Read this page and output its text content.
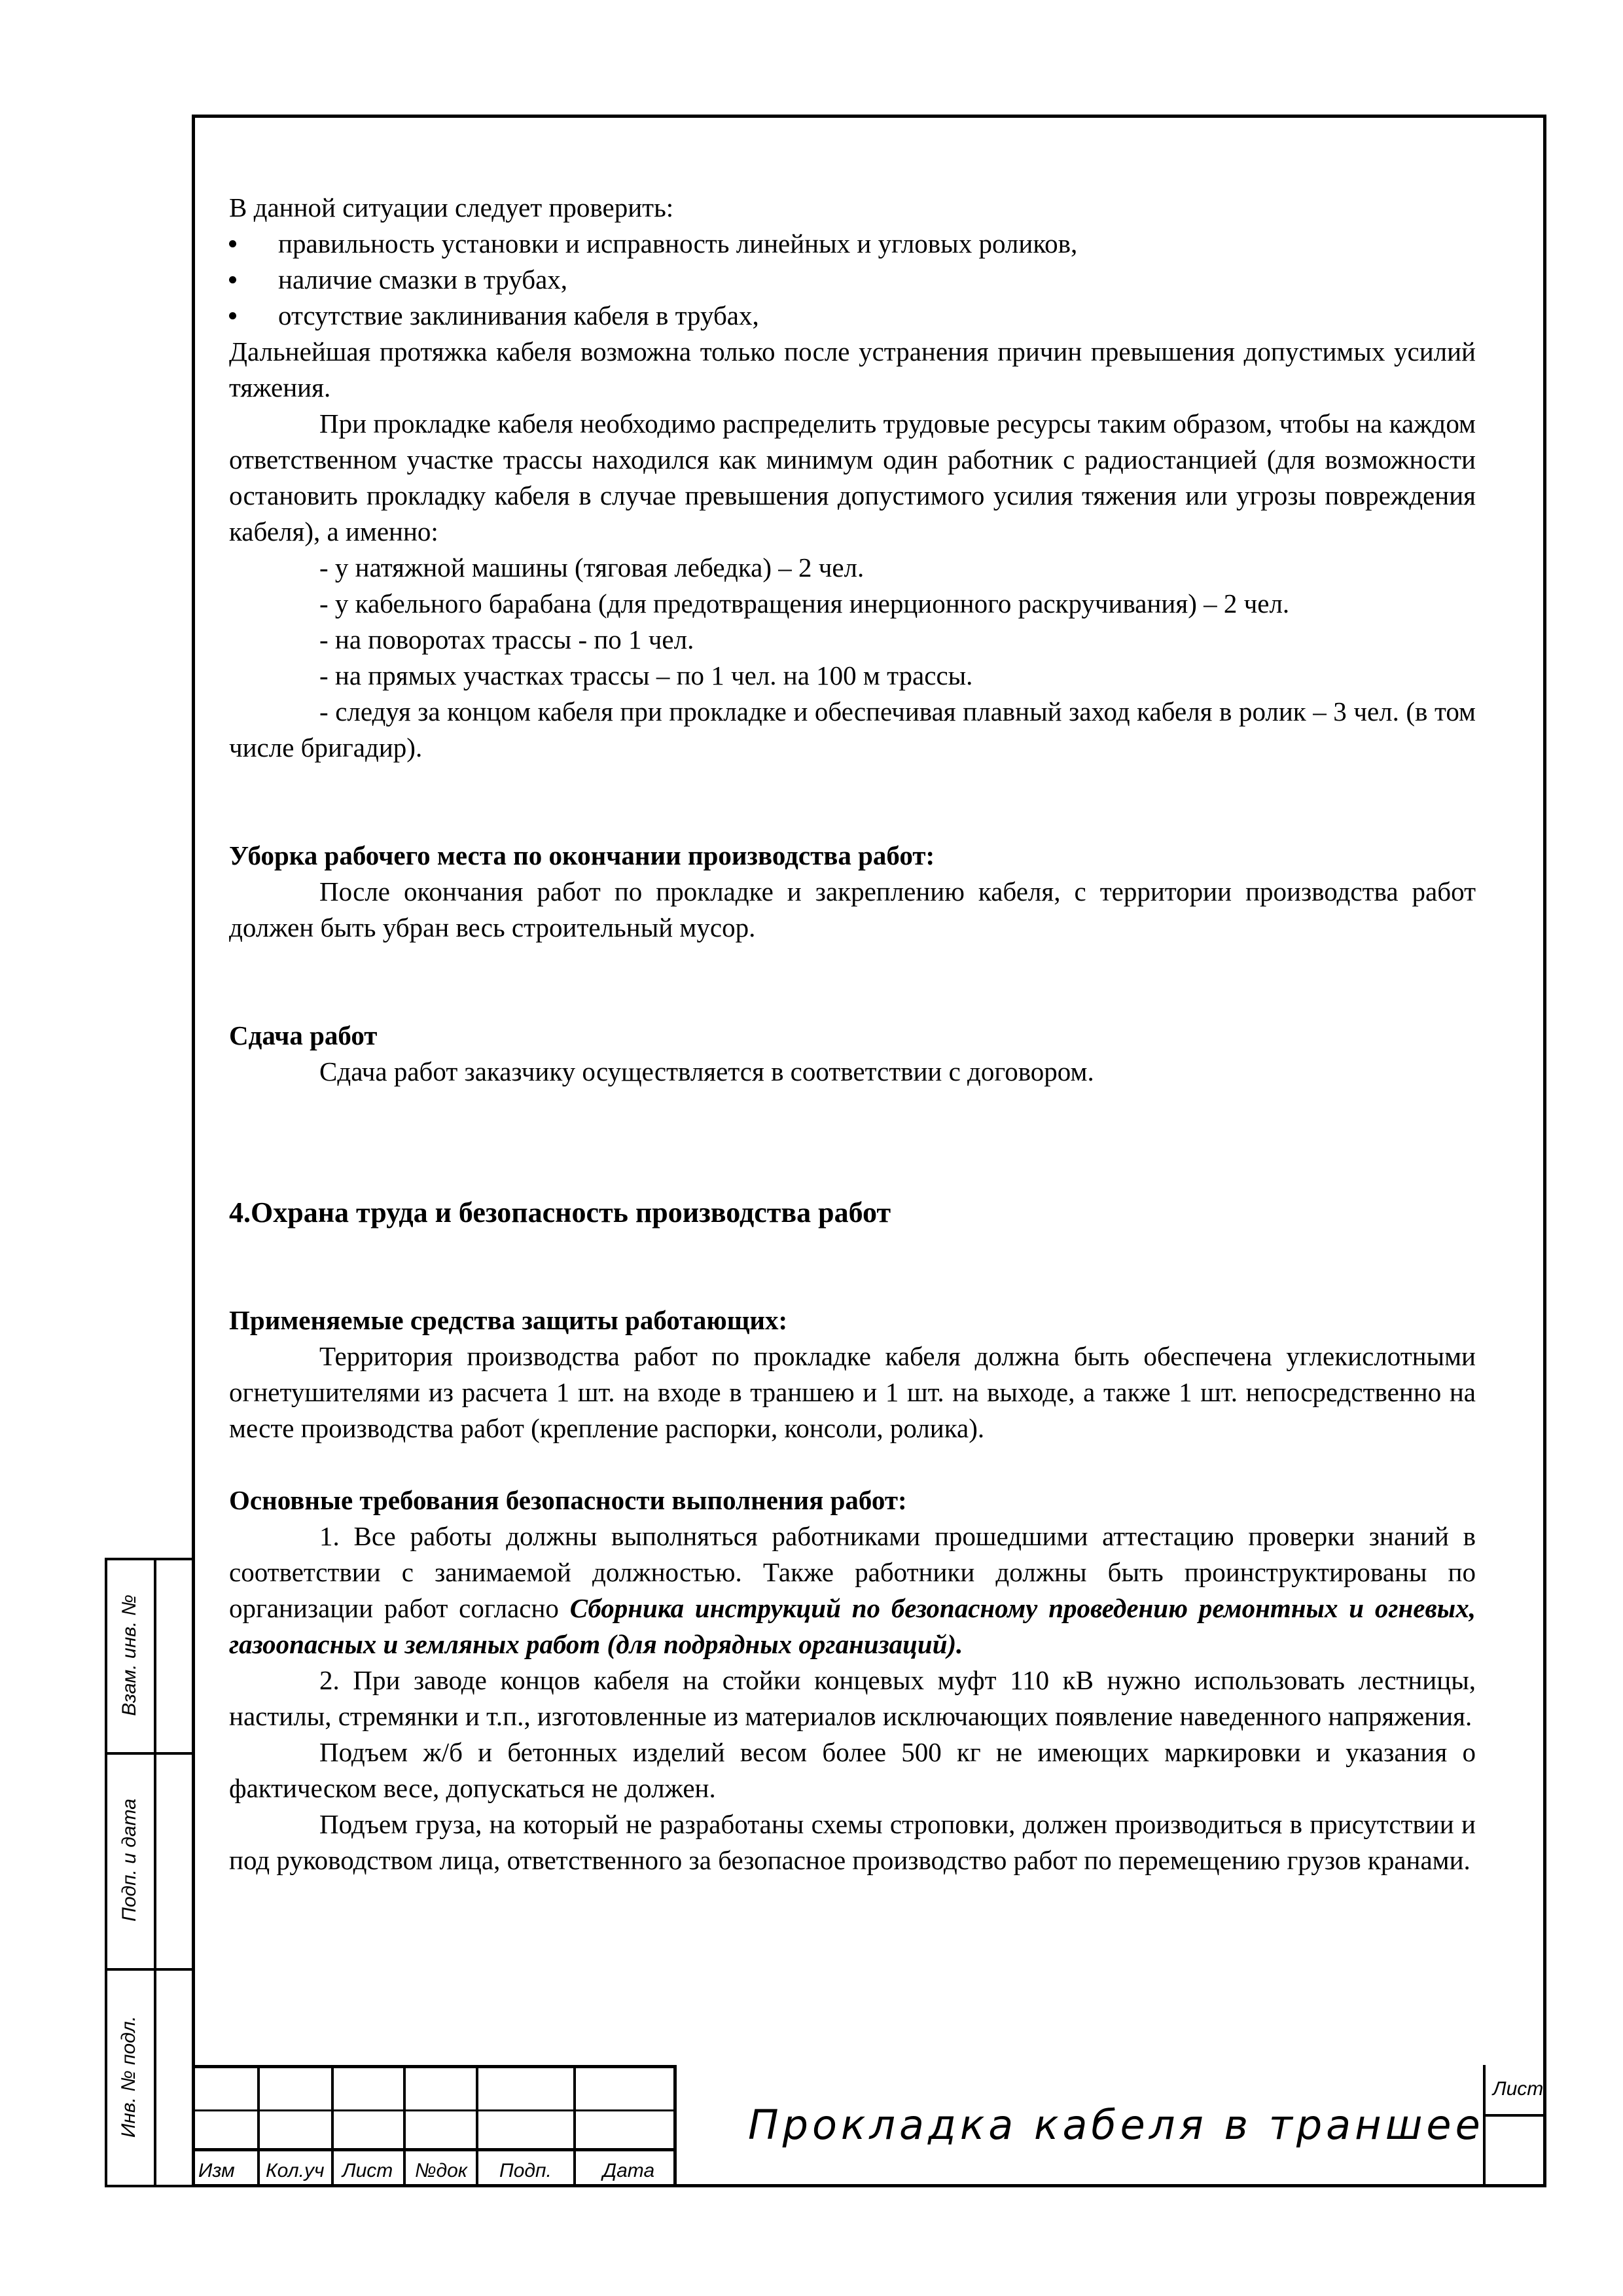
В данной ситуации следует проверить:

правильность установки и исправность линейных и угловых роликов,
наличие смазки в трубах,
отсутствие заклинивания кабеля в трубах,

Дальнейшая протяжка кабеля возможна только после устранения причин превышения допустимых усилий тяжения.

При прокладке кабеля необходимо распределить трудовые ресурсы таким образом, чтобы на каждом ответственном участке трассы находился как минимум один работник с радиостанцией (для возможности остановить прокладку кабеля в случае превышения допустимого усилия тяжения или угрозы повреждения кабеля), а именно:

- у натяжной машины (тяговая лебедка) – 2 чел.

- у кабельного барабана (для предотвращения инерционного раскручивания) – 2 чел.

- на поворотах трассы - по 1 чел.

- на прямых участках трассы – по 1 чел. на 100 м трассы.

- следуя за концом кабеля при прокладке и обеспечивая плавный заход кабеля в ролик – 3 чел. (в том числе бригадир).

Уборка рабочего места по окончании производства работ:

После окончания работ по прокладке и закреплению кабеля, с территории производства работ должен быть убран весь строительный мусор.

Сдача работ

Сдача работ заказчику осуществляется в соответствии с договором.

4.Охрана труда и безопасность производства работ

Применяемые средства защиты работающих:

Территория производства работ по прокладке кабеля должна быть обеспечена углекислотными огнетушителями из расчета 1 шт. на входе в траншею и 1 шт. на выходе, а также 1 шт. непосредственно на месте производства работ (крепление распорки, консоли, ролика).

Основные требования безопасности выполнения работ:

1. Все работы должны выполняться работниками прошедшими аттестацию проверки знаний в соответствии с занимаемой должностью. Также работники должны быть проинструктированы по организации работ согласно Сборника инструкций по безопасному проведению ремонтных и огневых, газоопасных и земляных работ (для подрядных организаций).

2. При заводе концов кабеля на стойки концевых муфт 110 кВ нужно использовать лестницы, настилы, стремянки и т.п., изготовленные из материалов исключающих появление наведенного напряжения.

Подъем ж/б и бетонных изделий весом более 500 кг не имеющих маркировки и указания о фактическом весе, допускаться не должен.

Подъем груза, на который не разработаны схемы строповки, должен производиться в присутствии и под руководством лица, ответственного за безопасное производство работ по перемещению грузов кранами.

Взам. инв. №
Подп. и дата
Инв. № подл.
Изм Кол.уч Лист №док Подп.	Дата
Лист
Прокладка кабеля в траншее
